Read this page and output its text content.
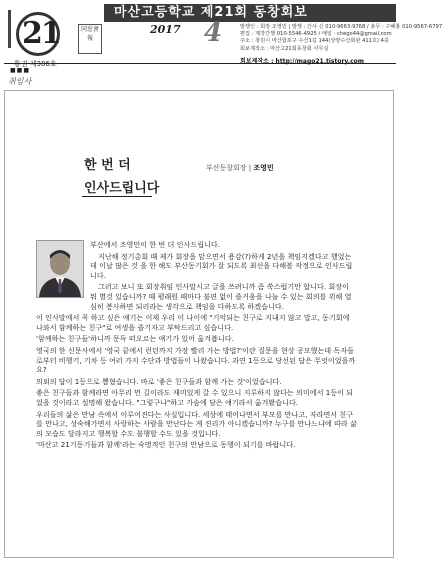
21	同窓會報
마산고등학교 제21회 동창회보
2017 4	발행인 : 회장 조영민 | 발행 : 간사 신 010-9663-9768 / 총무 : 구혜홍 010-9567-6797
편집 : 제작간행 010-5546-4925 / 메일 : chego44@gmail.com
주소 : 창원시 마산합포구 수산1길 144(상양수산회관 411호) 4층
회보제작소 : 마산고21회동창회 사무실
회보제작소 : http://mago21.tistory.com
통권 제386호
■■■
취임사
한 번 더
인사드립니다
부산동창회장 | 조영민
부산에서 조영민이 한 번 더 인사드립니다.
지난해 정기총회 때 제가 회장을 맡으면서 용감(?)하게 2년을 책임지겠다고 했었는데 이날 많은 것 을 한 해도 부산동기회가 잘 되도록 최선을 다해볼 작정으로 인사드립니다.
그러고 보니 또 회장취임 인사말시고 글을 쓰려니까 좀 쑥스럽기만 합니다. 회장이 뭐 별것 있습니까? 때 평래원 때마다 불편 없이 즐거움을 나눌 수 있는 회의를 위해 열심히 봉사하면 되리라는 생각으로 책임을 다하도록 하겠습니다.
이 인사말에서 꼭 하고 싶은 얘기는 이제 우리 이 나이에 "기억되는 친구로 지내지 않고 말고, 동기회에 나와서 함께하는 친구"로 여생을 즐기자고 부탁드리고 싶습니다.
'함께하는 친구들'하니까 문득 떠오르는 얘기가 있어 옮겨봅니다.
영국의 한 신문사에서 '영국 끝에서 런던까지 가장 빨리 가는 방법?'이란 질문을 현상 공모했는데 독자들로부터 비행기, 기차 등 여러 가지 수단과 방법들이 나왔습니다. 과연 1등으로 당선된 답은 무엇이었을까요?
의외의 답이 1등으로 뽑혔습니다. 바로 '좋은 친구들과 함께 가는 것'이었습니다.
좋은 친구들과 함께라면 아무리 먼 길이라도 재미있게 갈 수 있으니 지루하지 않다는 의미에서 1등이 되었을 것이라고 설명해 왔습니다. "그렇구나"하고 가슴에 담은 얘기라서 옮겨봤습니다.
우리들의 삶은 만남 속에서 이루어진다는 사실입니다. 세상에 태어나면서 부모를 만나고, 자라면서 친구를 만나고, 성숙해가면서 사랑하는 사람을 만난다는 게 진리가 아니겠습니까? 누구를 만나느냐에 따라 삶의 모습도 달라지고 행복할 수도 불행할 수도 있을 것입니다.
'마산고 21기동기들과 함께'라는 숙명적인 친구의 만남으로 동행이 되기를 바랍니다.
